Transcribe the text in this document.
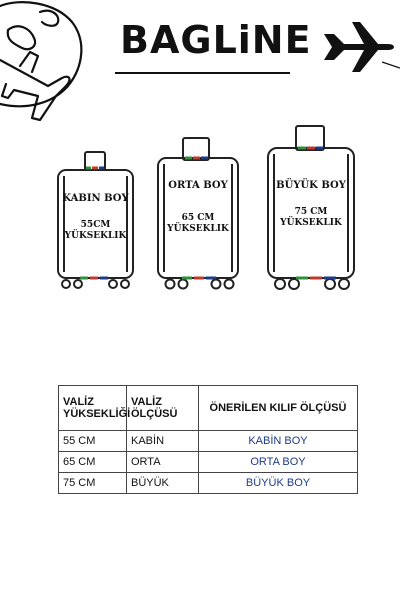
BAGLiNE
KABIN BOY
55CM
YÜKSEKLIK
ORTA BOY
65 CM
YÜKSEKLIK
BÜYÜK BOY
75 CM
YÜKSEKLIK
VALİZ YÜKSEKLİĞİ	VALİZ ÖLÇÜSÜ	ÖNERİLEN KILIF ÖLÇÜSÜ
55 CM	KABİN	KABİN BOY
65 CM	ORTA	ORTA BOY
75 CM	BÜYÜK	BÜYÜK BOY
